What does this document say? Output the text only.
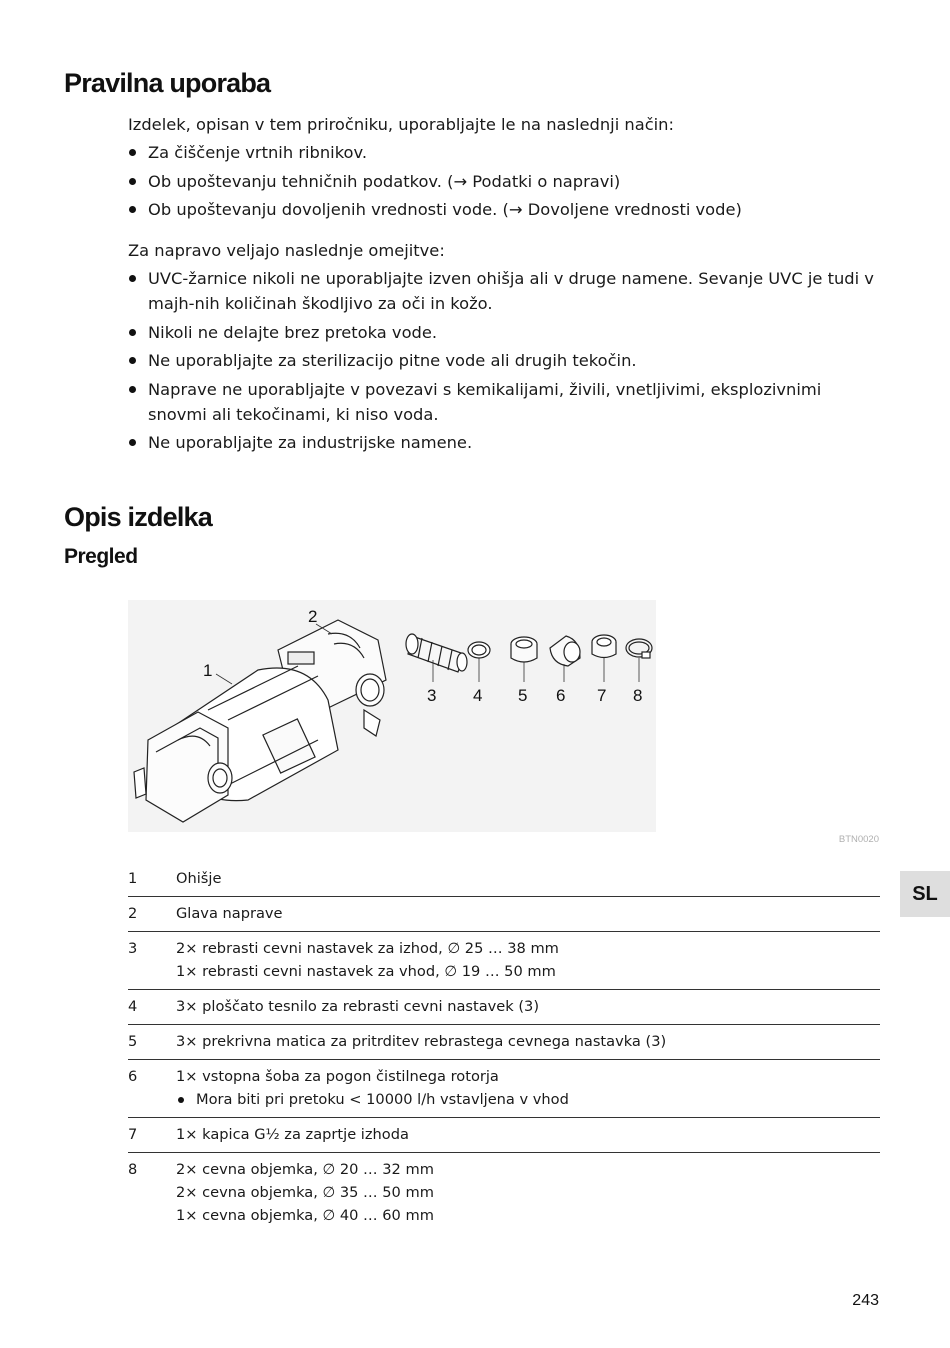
Pravilna uporaba

Izdelek, opisan v tem priročniku, uporabljajte le na naslednji način:

Za čiščenje vrtnih ribnikov.
Ob upoštevanju tehničnih podatkov. (→ Podatki o napravi)
Ob upoštevanju dovoljenih vrednosti vode. (→ Dovoljene vrednosti vode)

Za napravo veljajo naslednje omejitve:

UVC-žarnice nikoli ne uporabljajte izven ohišja ali v druge namene. Sevanje UVC je tudi v majh-nih količinah škodljivo za oči in kožo.
Nikoli ne delajte brez pretoka vode.
Ne uporabljajte za sterilizacijo pitne vode ali drugih tekočin.
Naprave ne uporabljajte v povezavi s kemikalijami, živili, vnetljivimi, eksplozivnimi snovmi ali tekočinami, ki niso voda.
Ne uporabljajte za industrijske namene.
Opis izdelka
Pregled
1
2
3 4 5 6 7 8
BTN0020
1	Ohišje
2	Glava naprave
3	2× rebrasti cevni nastavek za izhod, ∅ 25 … 38 mm
1× rebrasti cevni nastavek za vhod, ∅ 19 … 50 mm
4	3× ploščato tesnilo za rebrasti cevni nastavek (3)
5	3× prekrivna matica za pritrditev rebrastega cevnega nastavka (3)
6	1× vstopna šoba za pogon čistilnega rotorja
Mora biti pri pretoku < 10000 l/h vstavljena v vhod
7	1× kapica G½ za zaprtje izhoda
8	2× cevna objemka, ∅ 20 … 32 mm
2× cevna objemka, ∅ 35 … 50 mm
1× cevna objemka, ∅ 40 … 60 mm
SL
243
